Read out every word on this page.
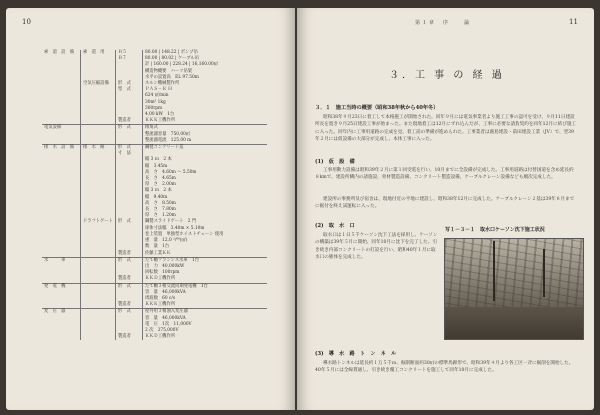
10
索　道　設　備	索　道　用	Ｂ５	80.00 | 148.22 | ボンプ吊
		Ｂ７	80.00 | 80.02 | ケーブル吊
			計 | 160.00 | 228.24 | 16,160.00㎡
			構造物概要　ハーツ吊架
			水平の設置高　EL 97.50m
	空気圧縮設備	形　式	ホルン機械製作所
		型　式	ＰＡＳ－Ｒ Ｈ
			624 ㎡/min
			30m³ 1kg
			300rpm
			4,00 kW　1台
		製造者	ＫＫＫ工機作所
電気設備		形　式	組角式
			整流器容量　750,00㎡
			整流器電流　125.00 m
排　水　設　備	排　水　路	形　式	鋼製コンクリート造
		寸　法	
			幅 3 ｍ　2 本
			幅　3.45m
			高　さ　4.60m ～ 5.50m
			長　さ　4.65m
			厚　さ　2.00m
			幅 3 ｍ　2 本
			幅　9.40m
			高　さ　8.50m
			長　さ　7.80m
			厚　さ　1.20m
	ドラフトゲート	形　式	鋼製スライドゲート　2 門
			扉体寸法幅　3.40m × 5.10m
			巻上装置　単独型ホイストチェーン 使用
			重　量　12.0 ¹/⁶⁶(㎡)
			数　量　1台
		製造者	佐藤工業ＫＫ
水　　　車		形　式	たて軸フランシス水車　1台
			出　力　40,000kW
			回転数　100rpm
		製造者	ＫＫＤ工機作所
発　電　機		形　式	たて軸３相交流同期発電機　1台
			容　量　46,000kVA
			周波数　60 c/s
		製造者	ＫＫＫ工機作所
変　圧　器		形　式	屋外用３相油入変圧器
			容　量　46,000kVA
			電　圧　1次　11,000V
			2 次　275,000V
		製造者	ＫＫＤ工機作所
第１章　序　　論	11
３．工 事 の 経 過
３．１　施工当時の概要（昭和38年秋から40年冬）

昭和38年９月23日に着工して本格施工が開始された。同年９月には電気事業者より施工工事の認可を受け、９月11日建設所長を置き９月25日建設工事が始まった。また現地着工は12月にずれ込んだが、工事に必要な請負契約を同年12月に結び施工に入った。同年内に工事用道路の完成を見、着工前の準備が進められた。工事業者は鹿島建設・前田建設工業（JV）で、翌39年２月には仮設備の大部分が完成し、本体工事に入った。

(1)　仮　設　備

工事用動力設備は昭和39年２月に第１回受電を行い、10月までに全設備が完成した。工事用道路は付替国道を含め延長約８kmで、建設所構内の諸施設、骨材製造設備、コンクリート製造設備、ケーブルクレーン設備なども順次完成した。

建設所の事務所及び宿舎は、現地付近の平地に建設し、昭和38年12月に完成した。ケーブルクレーン２基は39年８月までに据付を終え試運転に入った。

(2)　取　水　口

取水口は１日５千ケーソン沈下工法を採用し、ケーソンの構築は39年５月に開始、同年10月に沈下を完了した。引き続き内部コンクリートの打設を行い、昭和40年１月に取水口の躯体を完成した。

写１－３－１　取水口ケーソン沈下施工状況
(3)　導　水　路　ト　ン　ネ　ル

導水路トンネルは延長約１万５千ｍ、掘削断面約30㎡の標準馬蹄形で、昭和39年４月より各工区一斉に掘削を開始した。40年５月には全線貫通し、引き続き覆工コンクリートを施工して同年10月に完成した。
